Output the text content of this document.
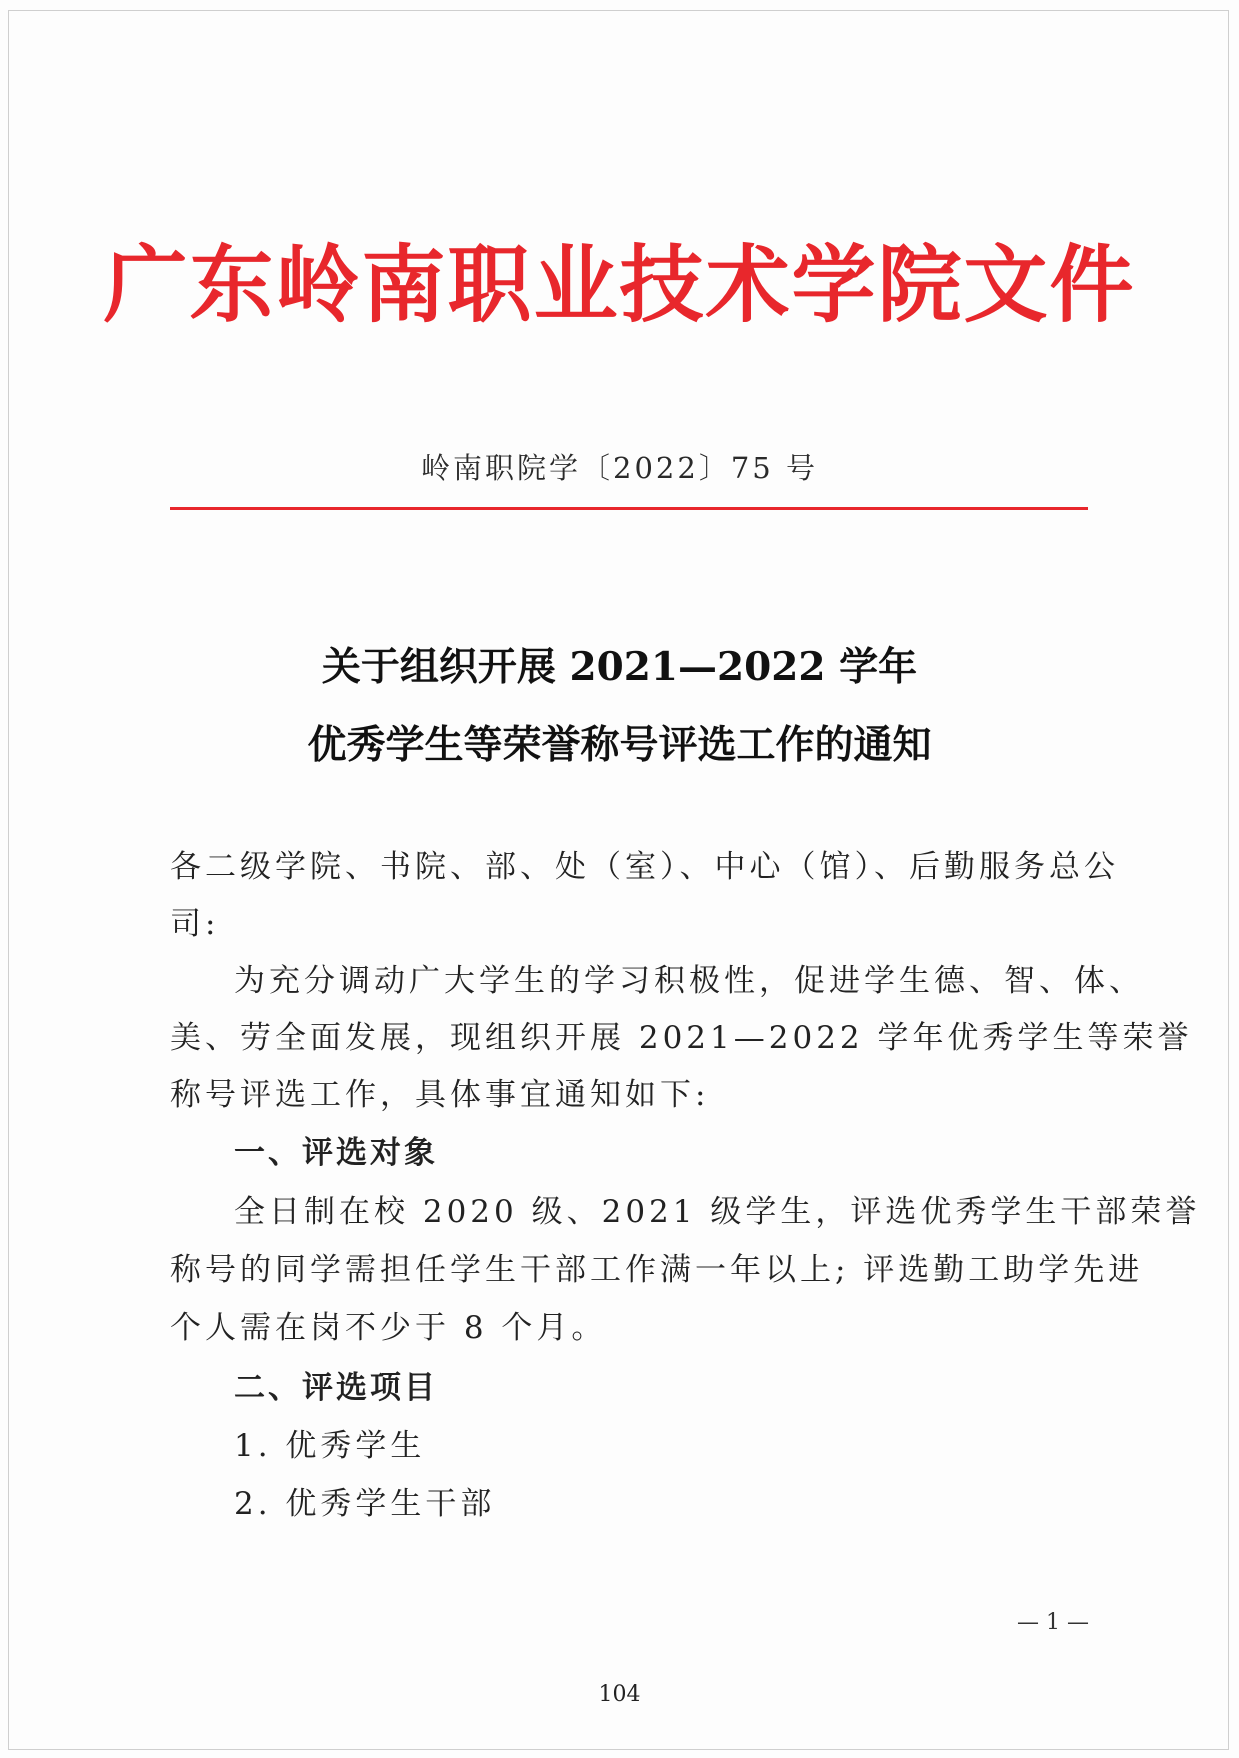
广东岭南职业技术学院文件
岭南职院学〔2022〕75 号
关于组织开展 2021—2022 学年
优秀学生等荣誉称号评选工作的通知
各二级学院、书院、部、处（室）、中心（馆）、后勤服务总公
司:
为充分调动广大学生的学习积极性，促进学生德、智、体、
美、劳全面发展，现组织开展 2021—2022 学年优秀学生等荣誉
称号评选工作，具体事宜通知如下:
一、评选对象
全日制在校 2020 级、2021 级学生，评选优秀学生干部荣誉
称号的同学需担任学生干部工作满一年以上; 评选勤工助学先进
个人需在岗不少于 8 个月。
二、评选项目
1. 优秀学生
2. 优秀学生干部
— 1 —
104
